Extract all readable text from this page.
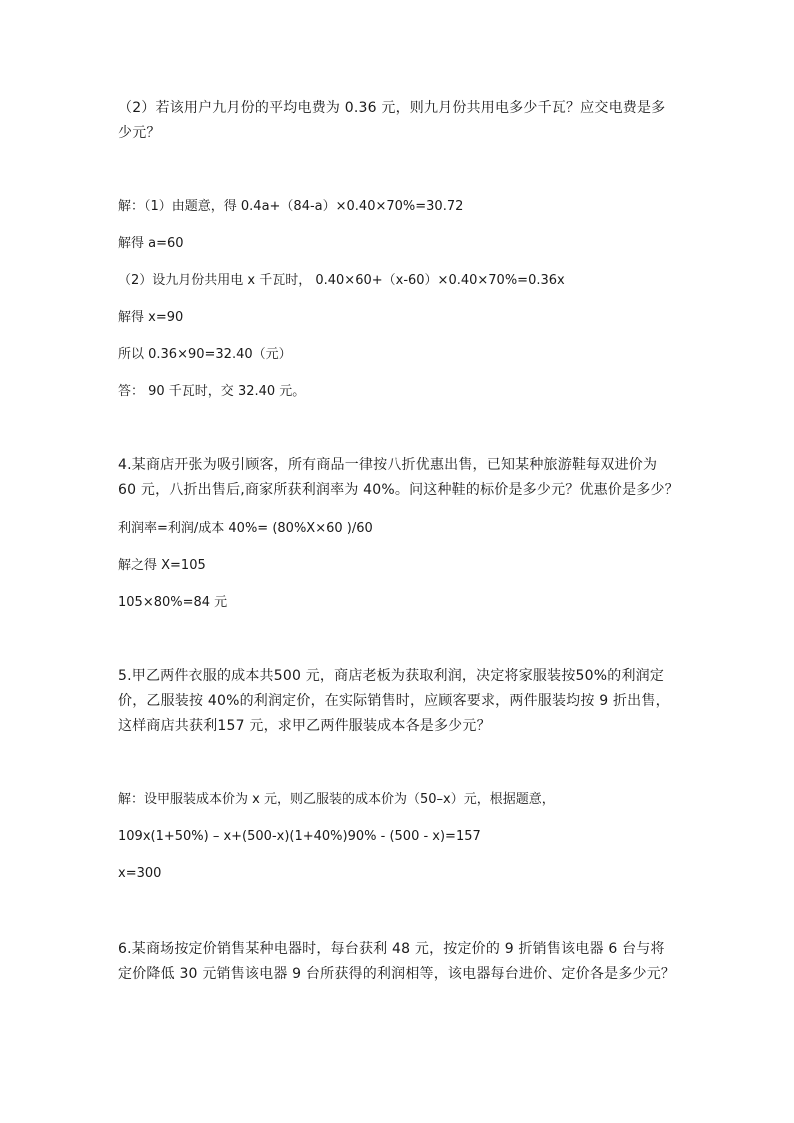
（2）若该用户九月份的平均电费为 0.36 元，则九月份共用电多少千瓦？应交电费是多
少元？
解：（1）由题意，得 0.4a+（84-a）×0.40×70%=30.72
解得 a=60
（2）设九月份共用电 x 千瓦时， 0.40×60+（x-60）×0.40×70%=0.36x
解得 x=90
所以 0.36×90=32.40（元）
答： 90 千瓦时，交 32.40 元。
4.某商店开张为吸引顾客，所有商品一律按八折优惠出售，已知某种旅游鞋每双进价为
60 元，八折出售后,商家所获利润率为 40%。问这种鞋的标价是多少元？优惠价是多少？
利润率=利润/成本 40%= (80%X×60 )/60
解之得 X=105
105×80%=84 元
5.甲乙两件衣服的成本共500 元，商店老板为获取利润，决定将家服装按50%的利润定
价，乙服装按 40%的利润定价，在实际销售时，应顾客要求，两件服装均按 9 折出售，
这样商店共获利157 元，求甲乙两件服装成本各是多少元？
解：设甲服装成本价为 x 元，则乙服装的成本价为（50–x）元，根据题意，
109x(1+50%) – x+(500-x)(1+40%)90% - (500 - x)=157
x=300
6.某商场按定价销售某种电器时，每台获利 48 元，按定价的 9 折销售该电器 6 台与将
定价降低 30 元销售该电器 9 台所获得的利润相等，该电器每台进价、定价各是多少元？
